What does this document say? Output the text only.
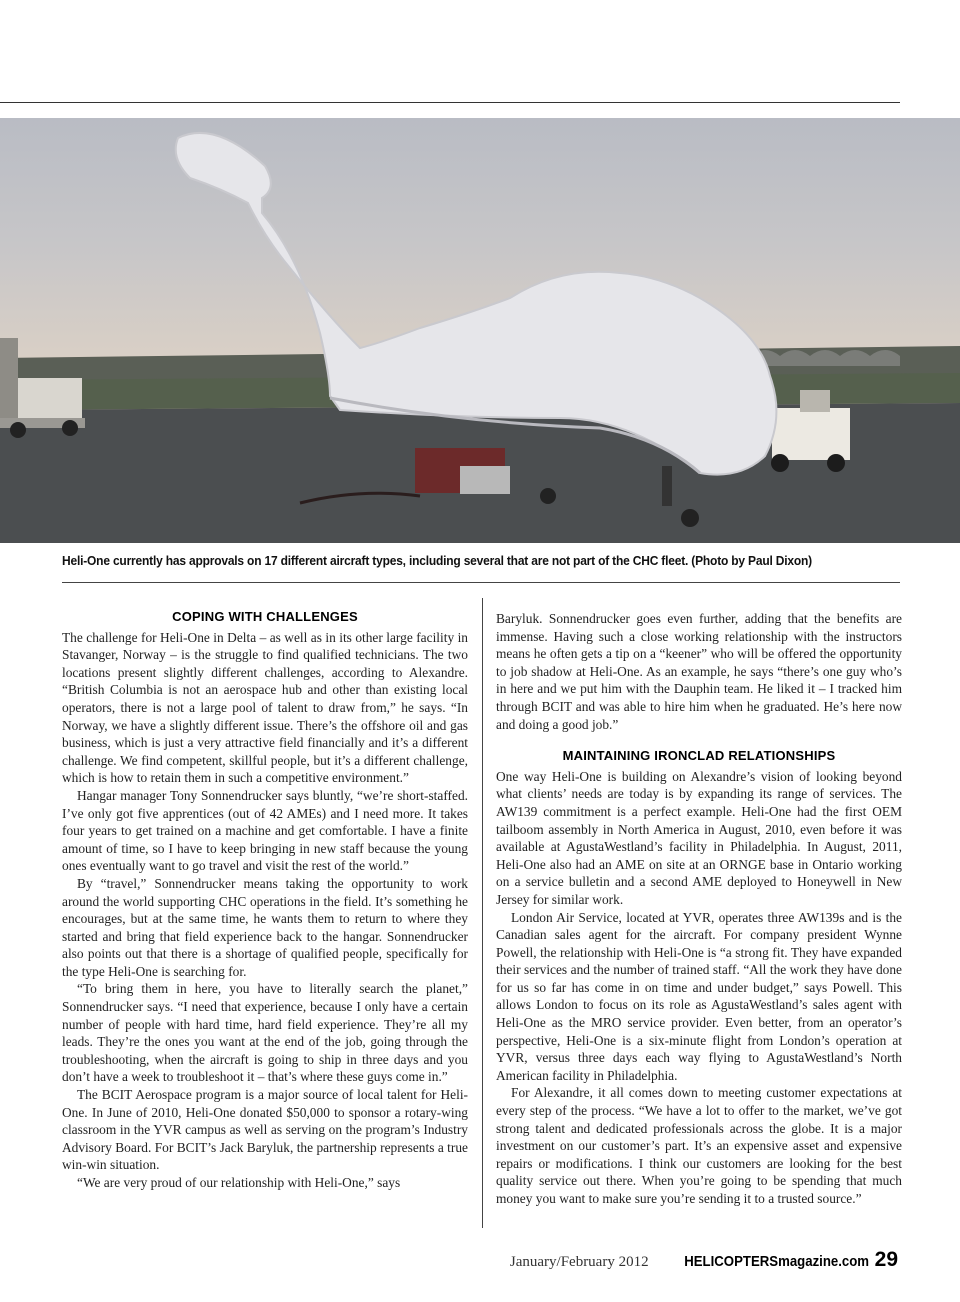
Heli-One currently has approvals on 17 different aircraft types, including several that are not part of the CHC fleet. (Photo by Paul Dixon)
COPING WITH CHALLENGES

The challenge for Heli-One in Delta – as well as in its other large facility in Stavanger, Norway – is the struggle to find qualified technicians. The two locations present slightly different challenges, according to Alexandre. “British Columbia is not an aerospace hub and other than existing local operators, there is not a large pool of talent to draw from,” he says. “In Norway, we have a slightly different issue. There’s the offshore oil and gas business, which is just a very attractive field financially and it’s a different challenge. We find competent, skillful people, but it’s a different challenge, which is how to retain them in such a competitive environment.”

Hangar manager Tony Sonnendrucker says bluntly, “we’re short-staffed. I’ve only got five apprentices (out of 42 AMEs) and I need more. It takes four years to get trained on a machine and get comfortable. I have a finite amount of time, so I have to keep bringing in new staff because the young ones eventually want to go travel and visit the rest of the world.”

By “travel,” Sonnendrucker means taking the opportunity to work around the world supporting CHC operations in the field. It’s something he encourages, but at the same time, he wants them to return to where they started and bring that field experience back to the hangar. Sonnendrucker also points out that there is a shortage of qualified people, specifically for the type Heli-One is searching for.

“To bring them in here, you have to literally search the planet,” Sonnendrucker says. “I need that experience, because I only have a certain number of people with hard time, hard field experience. They’re all my leads. They’re the ones you want at the end of the job, going through the troubleshooting, when the aircraft is going to ship in three days and you don’t have a week to troubleshoot it – that’s where these guys come in.”

The BCIT Aerospace program is a major source of local talent for Heli-One. In June of 2010, Heli-One donated $50,000 to sponsor a rotary-wing classroom in the YVR campus as well as serving on the program’s Industry Advisory Board. For BCIT’s Jack Baryluk, the partnership represents a true win-win situation.

“We are very proud of our relationship with Heli-One,” says

Baryluk. Sonnendrucker goes even further, adding that the benefits are immense. Having such a close working relationship with the instructors means he often gets a tip on a “keener” who will be offered the opportunity to job shadow at Heli-One. As an example, he says “there’s one guy who’s in here and we put him with the Dauphin team. He liked it – I tracked him through BCIT and was able to hire him when he graduated. He’s here now and doing a good job.”

MAINTAINING IRONCLAD RELATIONSHIPS

One way Heli-One is building on Alexandre’s vision of looking beyond what clients’ needs are today is by expanding its range of services. The AW139 commitment is a perfect example. Heli-One had the first OEM tailboom assembly in North America in August, 2010, even before it was available at AgustaWestland’s facility in Philadelphia. In August, 2011, Heli-One also had an AME on site at an ORNGE base in Ontario working on a service bulletin and a second AME deployed to Honeywell in New Jersey for similar work.

London Air Service, located at YVR, operates three AW139s and is the Canadian sales agent for the aircraft. For company president Wynne Powell, the relationship with Heli-One is “a strong fit. They have expanded their services and the number of trained staff. “All the work they have done for us so far has come in on time and under budget,” says Powell. This allows London to focus on its role as AgustaWestland’s sales agent with Heli-One as the MRO service provider. Even better, from an operator’s perspective, Heli-One is a six-minute flight from London’s operation at YVR, versus three days each way flying to AgustaWestland’s North American facility in Philadelphia.

For Alexandre, it all comes down to meeting customer expectations at every step of the process. “We have a lot to offer to the market, we’ve got strong talent and dedicated professionals across the globe. It is a major investment on our customer’s part. It’s an expensive asset and expensive repairs or modifications. I think our customers are looking for the best quality service out there. When you’re going to be spending that much money you want to make sure you’re sending it to a trusted source.”

January/February 2012 HELICOPTERSmagazine.com 29
